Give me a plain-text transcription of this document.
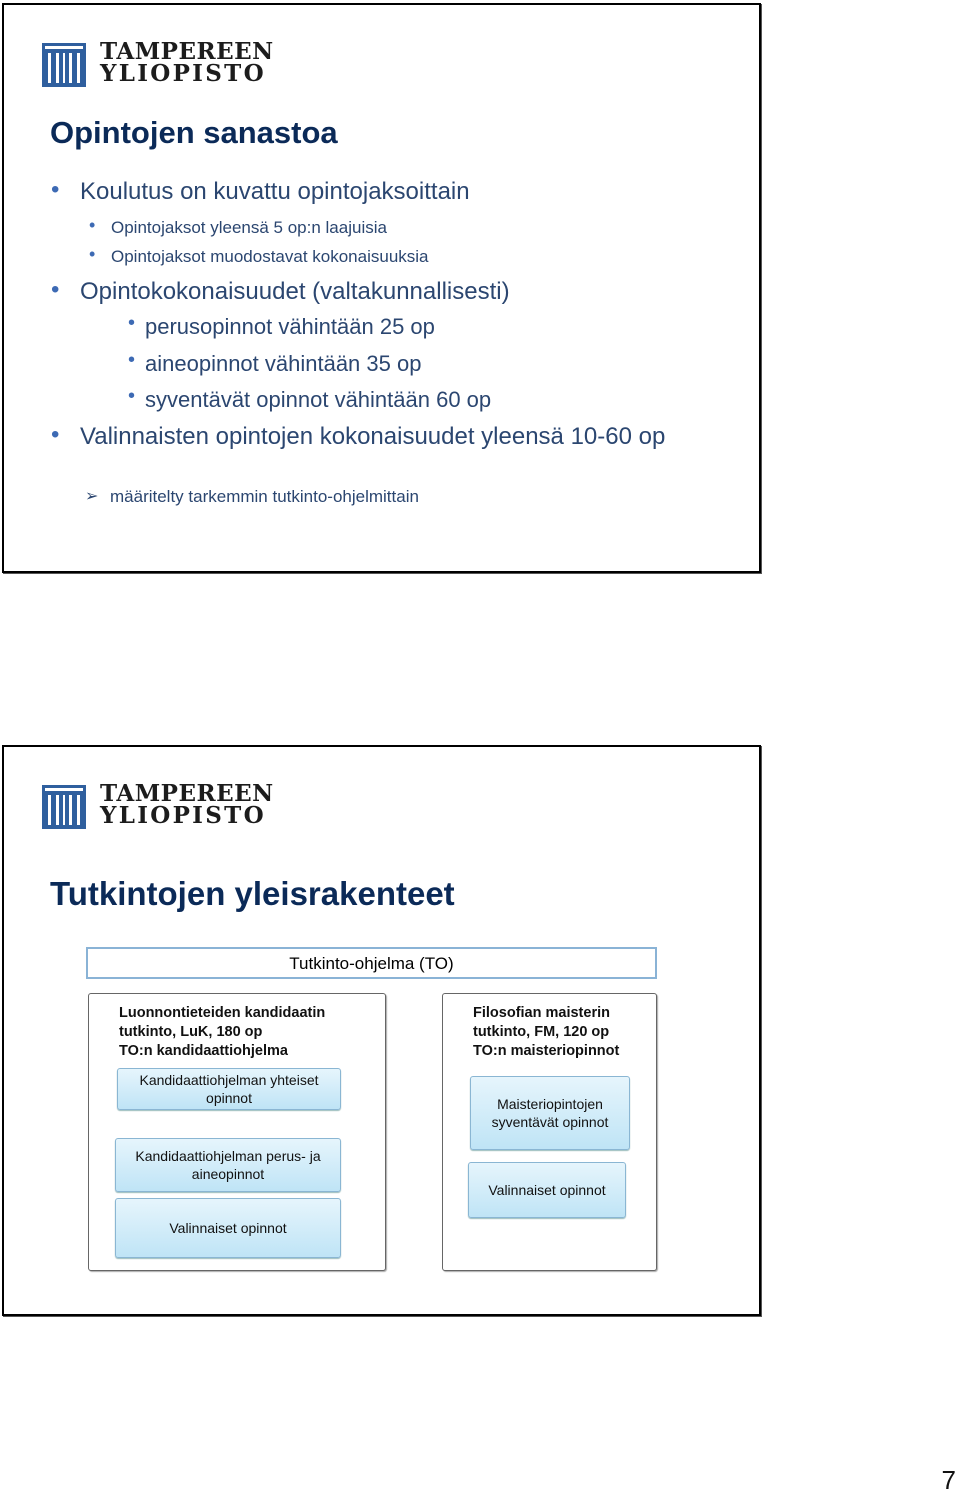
TAMPEREEN
YLIOPISTO
Opintojen sanastoa
• Koulutus on kuvattu opintojaksoittain
• Opintojaksot yleensä 5 op:n laajuisia
• Opintojaksot muodostavat kokonaisuuksia
• Opintokokonaisuudet (valtakunnallisesti)
• perusopinnot vähintään 25 op
• aineopinnot vähintään 35 op
• syventävät opinnot vähintään 60 op
• Valinnaisten opintojen kokonaisuudet yleensä 10-60 op
➢ määritelty tarkemmin tutkinto-ohjelmittain
TAMPEREEN
YLIOPISTO
Tutkintojen yleisrakenteet
Tutkinto-ohjelma (TO)
Luonnontieteiden kandidaatin
tutkinto, LuK, 180 op
TO:n kandidaattiohjelma
Kandidaattiohjelman yhteiset opinnot
Kandidaattiohjelman perus- ja aineopinnot
Valinnaiset opinnot
Filosofian maisterin
tutkinto, FM, 120 op
TO:n maisteriopinnot
Maisteriopintojen syventävät opinnot
Valinnaiset opinnot
7
